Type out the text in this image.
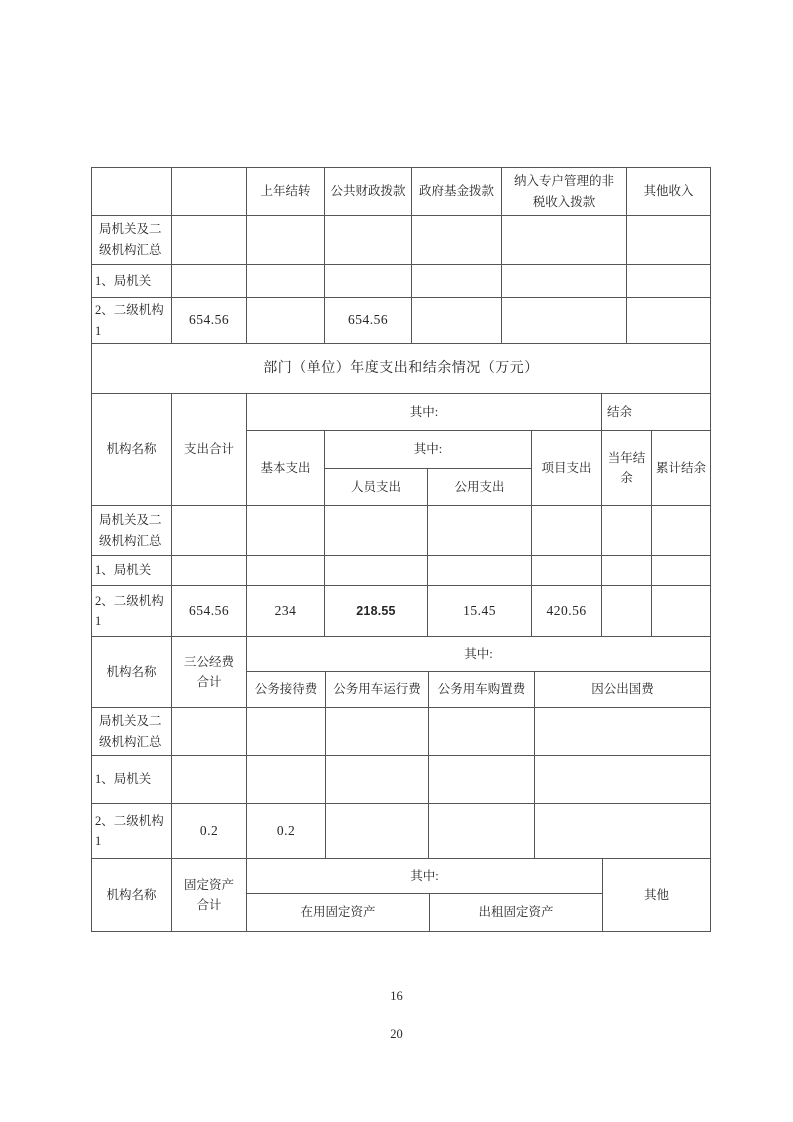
		上年结转	公共财政拨款	政府基金拨款	纳入专户管理的非税收入拨款	其他收入
局机关及二级机构汇总						
1、局机关						
2、二级机构 1	654.56		654.56			
部门（单位）年度支出和结余情况（万元）
机构名称	支出合计	其中:				结余	
		基本支出	其中:		项目支出	当年结余	累计结余
			人员支出	公用支出			
局机关及二级机构汇总							
1、局机关							
2、二级机构 1	654.56	234	218.55	15.45	420.56		
机构名称	三公经费合计	其中:			
		公务接待费	公务用车运行费	公务用车购置费	因公出国费
局机关及二级机构汇总					
1、局机关					
2、二级机构 1	0.2	0.2			
机构名称	固定资产合计	其中:		其他
		在用固定资产	出租固定资产	
16
20
